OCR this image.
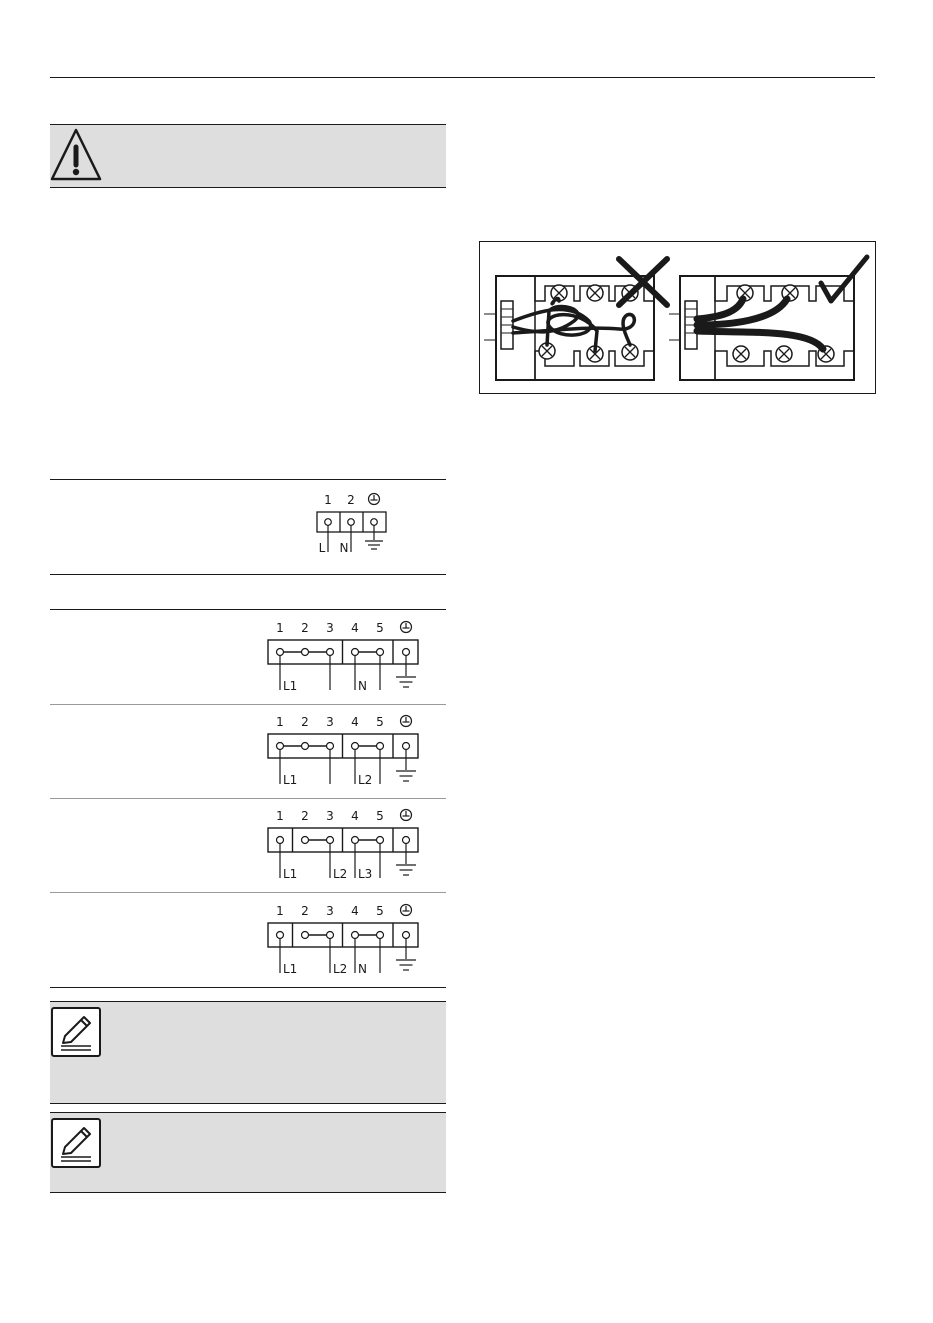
1 2
L N
1 2 3 4 5
L1	N
1 2 3 4 5
L1	L2
1 2 3 4 5
L1	L2 L3
1 2 3 4 5
L1	L2 N
